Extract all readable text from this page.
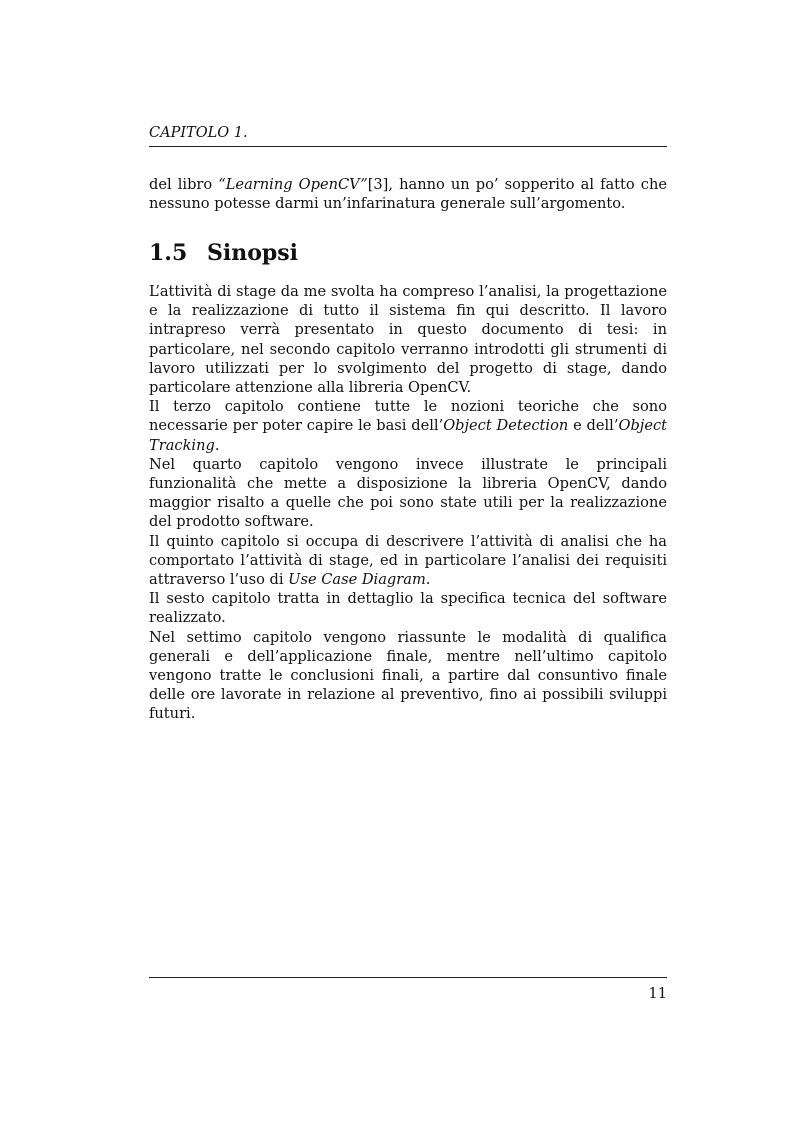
CAPITOLO 1.

del libro “Learning OpenCV”[3], hanno un po’ sopperito al fatto che nessuno potesse darmi un’infarinatura generale sull’argomento.

1.5 Sinopsi

L’attività di stage da me svolta ha compreso l’analisi, la progettazione e la realizzazione di tutto il sistema fin qui descritto. Il lavoro intrapreso verrà presentato in questo documento di tesi: in particolare, nel secondo capitolo verranno introdotti gli strumenti di lavoro utilizzati per lo svolgimento del progetto di stage, dando particolare attenzione alla libreria OpenCV.

Il terzo capitolo contiene tutte le nozioni teoriche che sono necessarie per poter capire le basi dell’Object Detection e dell’Object Tracking.

Nel quarto capitolo vengono invece illustrate le principali funzionalità che mette a disposizione la libreria OpenCV, dando maggior risalto a quelle che poi sono state utili per la realizzazione del prodotto software.

Il quinto capitolo si occupa di descrivere l’attività di analisi che ha comportato l’attività di stage, ed in particolare l’analisi dei requisiti attraverso l’uso di Use Case Diagram.

Il sesto capitolo tratta in dettaglio la specifica tecnica del software realizzato.

Nel settimo capitolo vengono riassunte le modalità di qualifica generali e dell’applicazione finale, mentre nell’ultimo capitolo vengono tratte le conclusioni finali, a partire dal consuntivo finale delle ore lavorate in relazione al preventivo, fino ai possibili sviluppi futuri.

11
